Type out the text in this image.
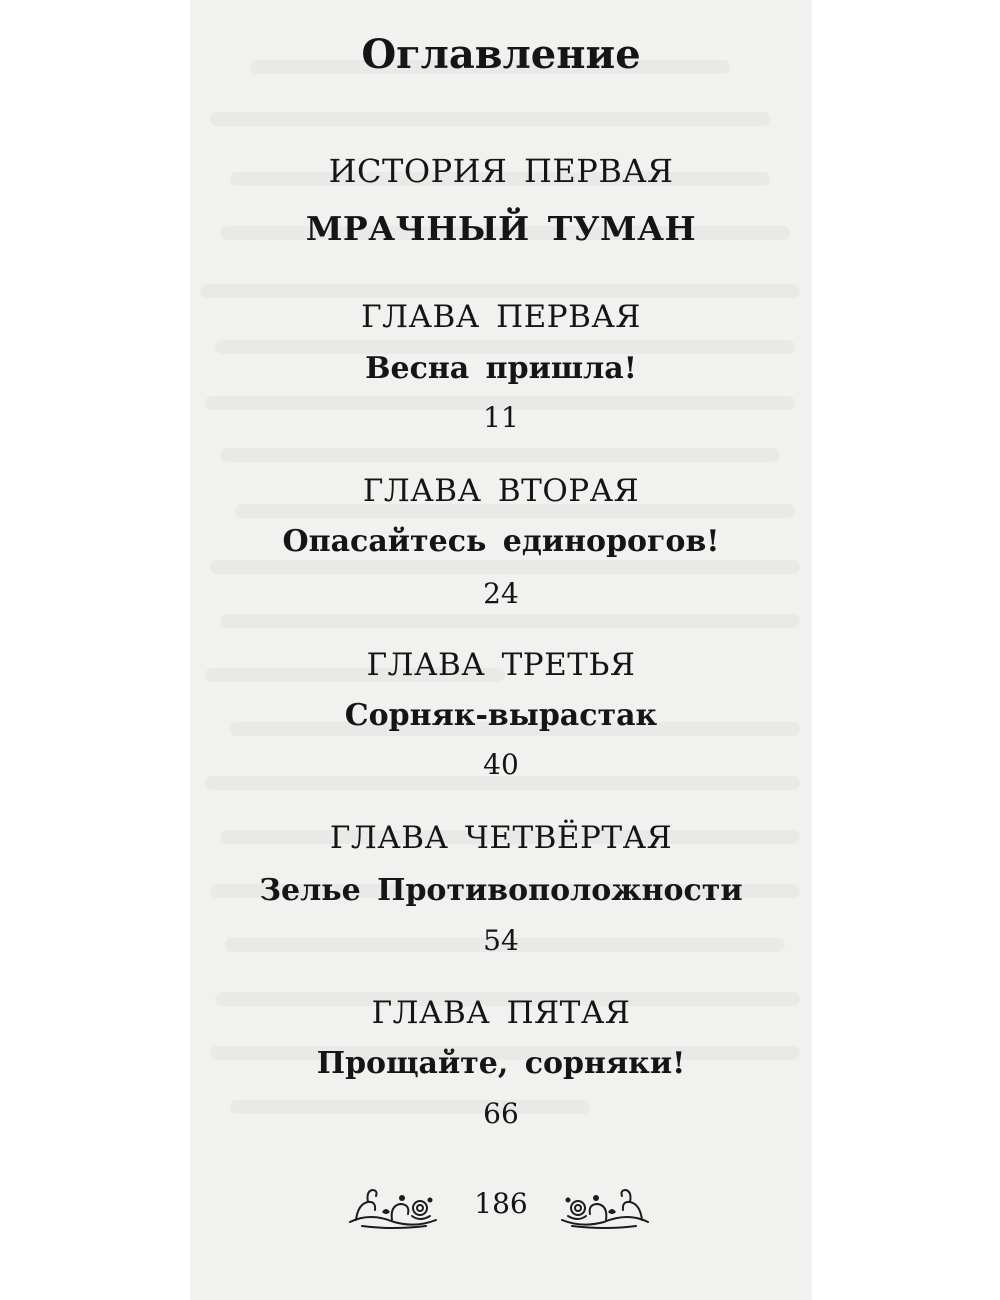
Оглавление
ИСТОРИЯ ПЕРВАЯ
МРАЧНЫЙ ТУМАН
ГЛАВА ПЕРВАЯ
Весна пришла!
11
ГЛАВА ВТОРАЯ
Опасайтесь единорогов!
24
ГЛАВА ТРЕТЬЯ
Сорняк-вырастак
40
ГЛАВА ЧЕТВЁРТАЯ
Зелье Противоположности
54
ГЛАВА ПЯТАЯ
Прощайте, сорняки!
66
186
